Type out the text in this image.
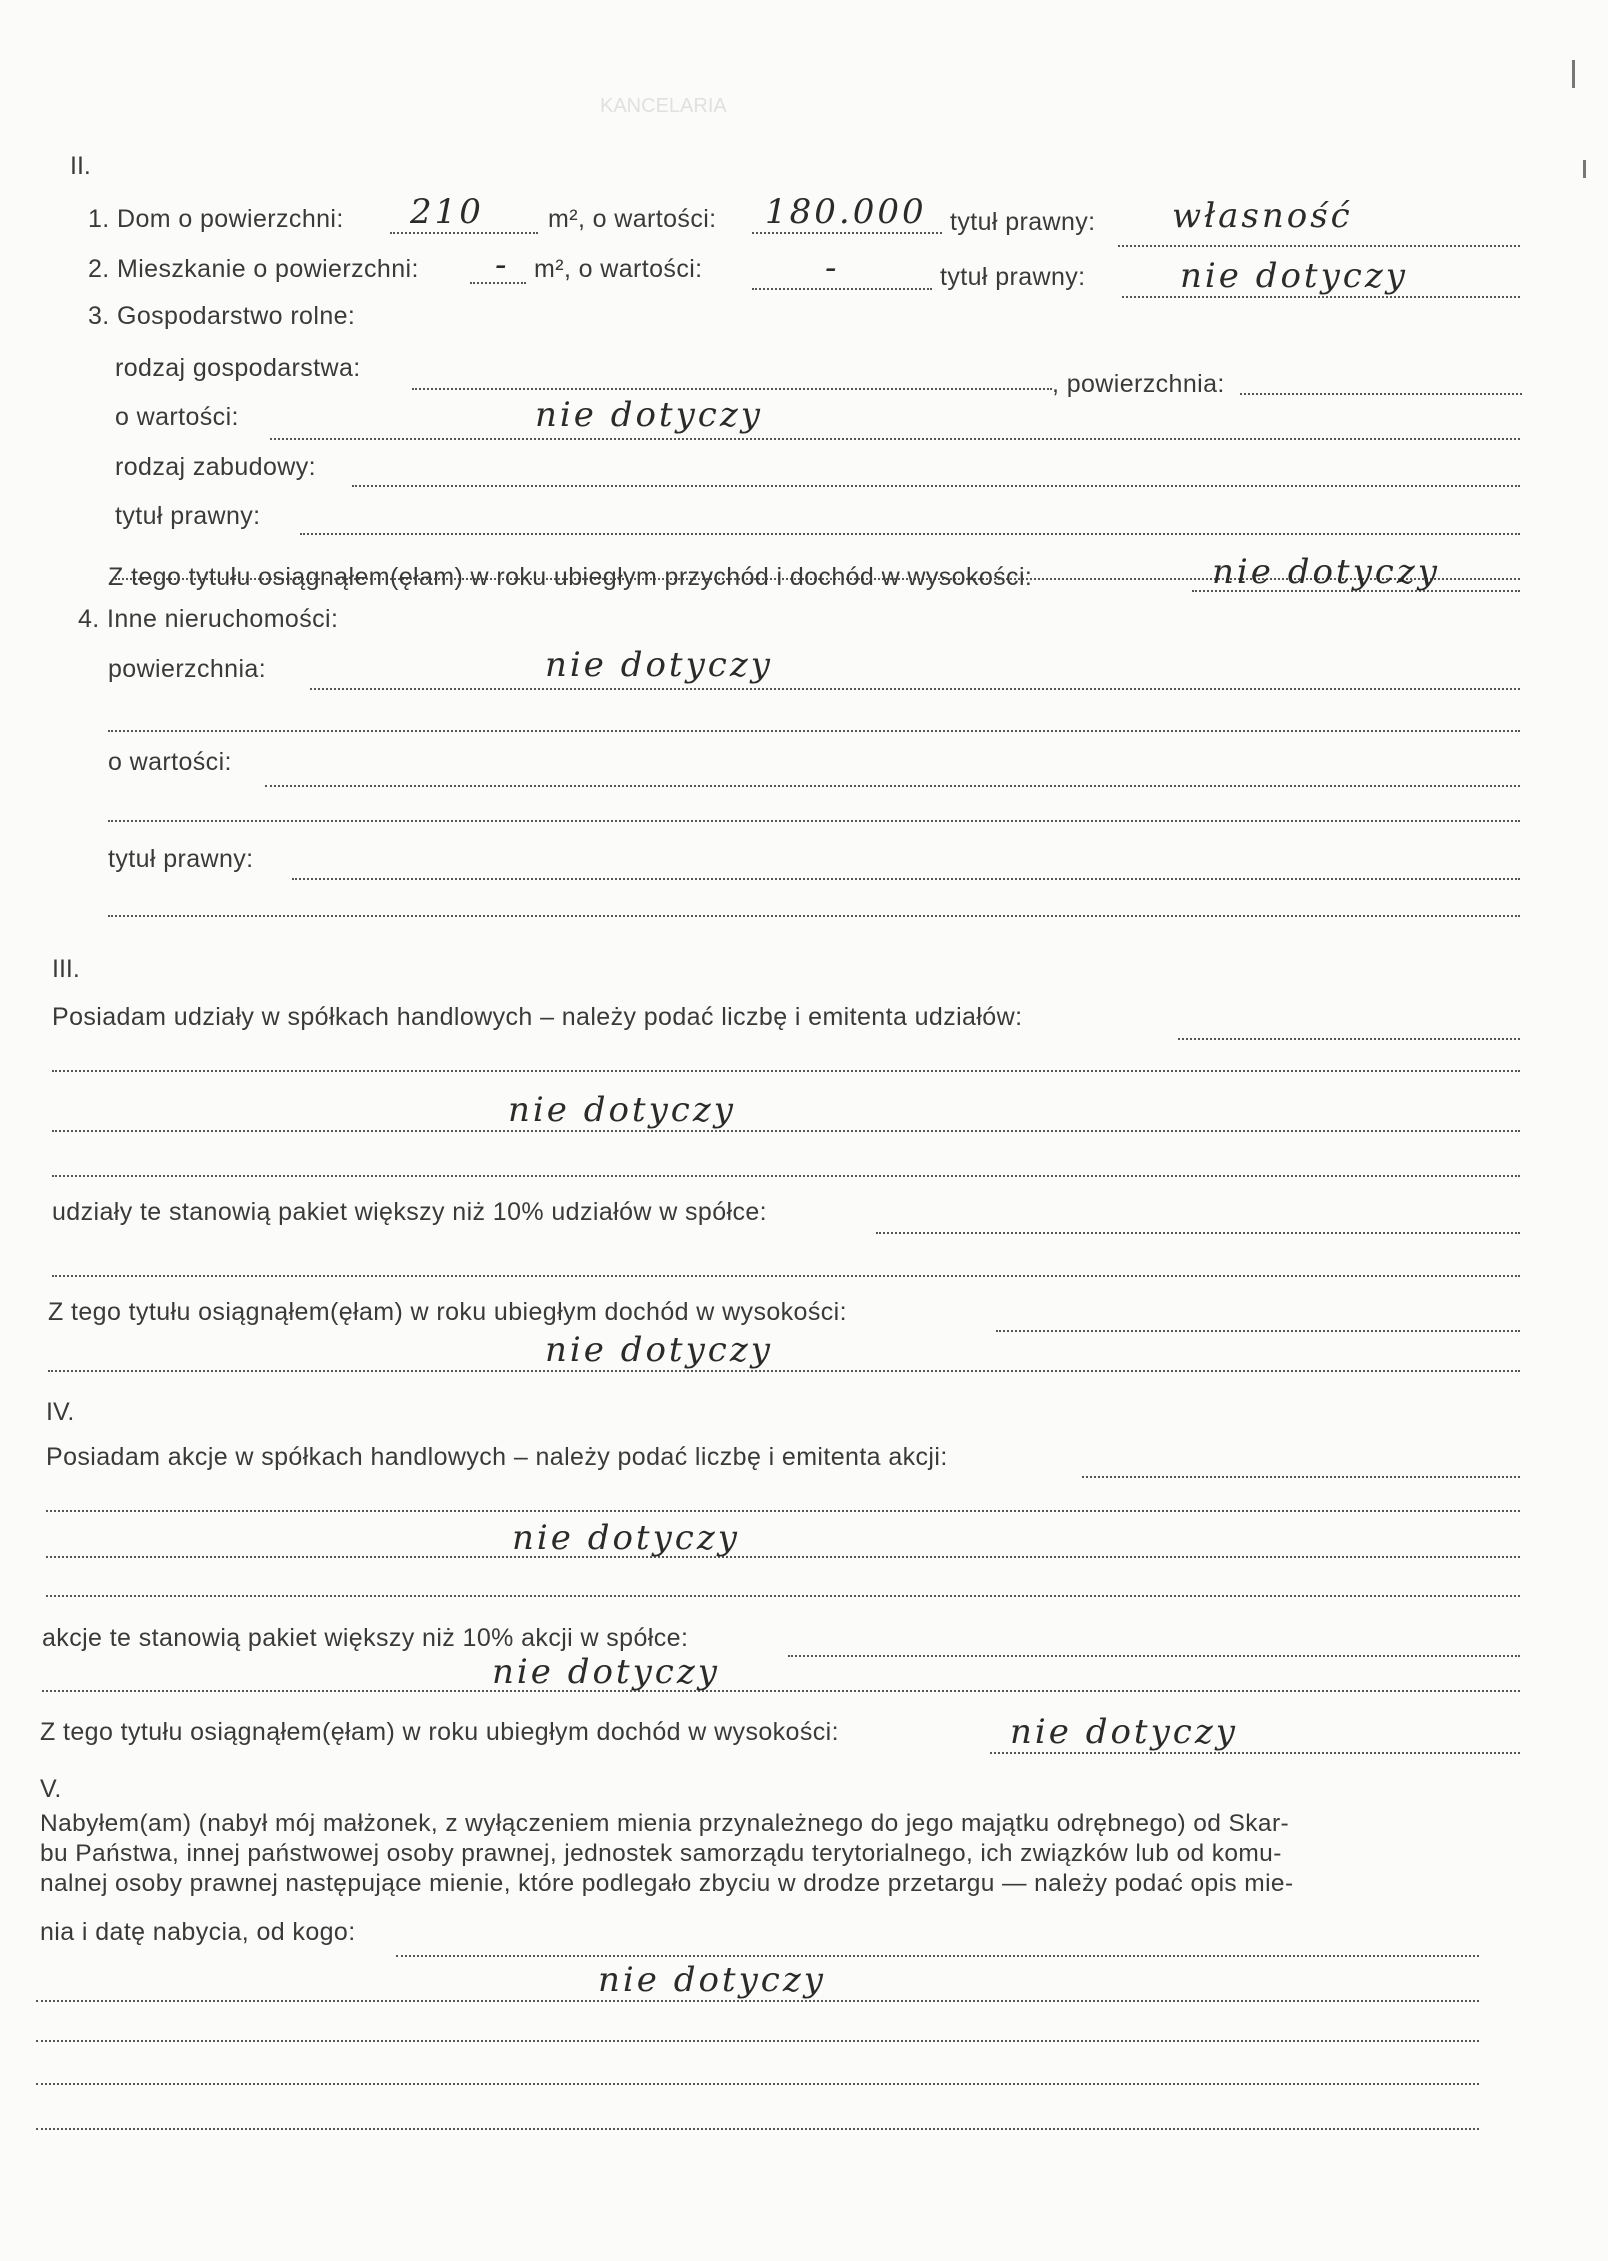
KANCELARIA
II.
1. Dom o powierzchni: 210	m², o wartości: 180.000 tytuł prawny: własność
2. Mieszkanie o powierzchni: - m², o wartości:	-	tytuł prawny:	nie dotyczy
3. Gospodarstwo rolne:
rodzaj gospodarstwa:
, powierzchnia:
o wartości:	nie dotyczy
rodzaj zabudowy:
tytuł prawny:
Z tego tytułu osiągnąłem(ęłam) w roku ubiegłym przychód i dochód w wysokości:	nie dotyczy
4. Inne nieruchomości:
powierzchnia:	nie dotyczy
o wartości:
tytuł prawny:
III.
Posiadam udziały w spółkach handlowych – należy podać liczbę i emitenta udziałów:
nie dotyczy
udziały te stanowią pakiet większy niż 10% udziałów w spółce:
Z tego tytułu osiągnąłem(ęłam) w roku ubiegłym dochód w wysokości:
nie dotyczy
IV.
Posiadam akcje w spółkach handlowych – należy podać liczbę i emitenta akcji:
nie dotyczy
akcje te stanowią pakiet większy niż 10% akcji w spółce:
nie dotyczy
Z tego tytułu osiągnąłem(ęłam) w roku ubiegłym dochód w wysokości:	nie dotyczy
V.
Nabyłem(am) (nabył mój małżonek, z wyłączeniem mienia przynależnego do jego majątku odrębnego) od Skar-
bu Państwa, innej państwowej osoby prawnej, jednostek samorządu terytorialnego, ich związków lub od komu-
nalnej osoby prawnej następujące mienie, które podlegało zbyciu w drodze przetargu — należy podać opis mie-
nia i datę nabycia, od kogo:
nie dotyczy
